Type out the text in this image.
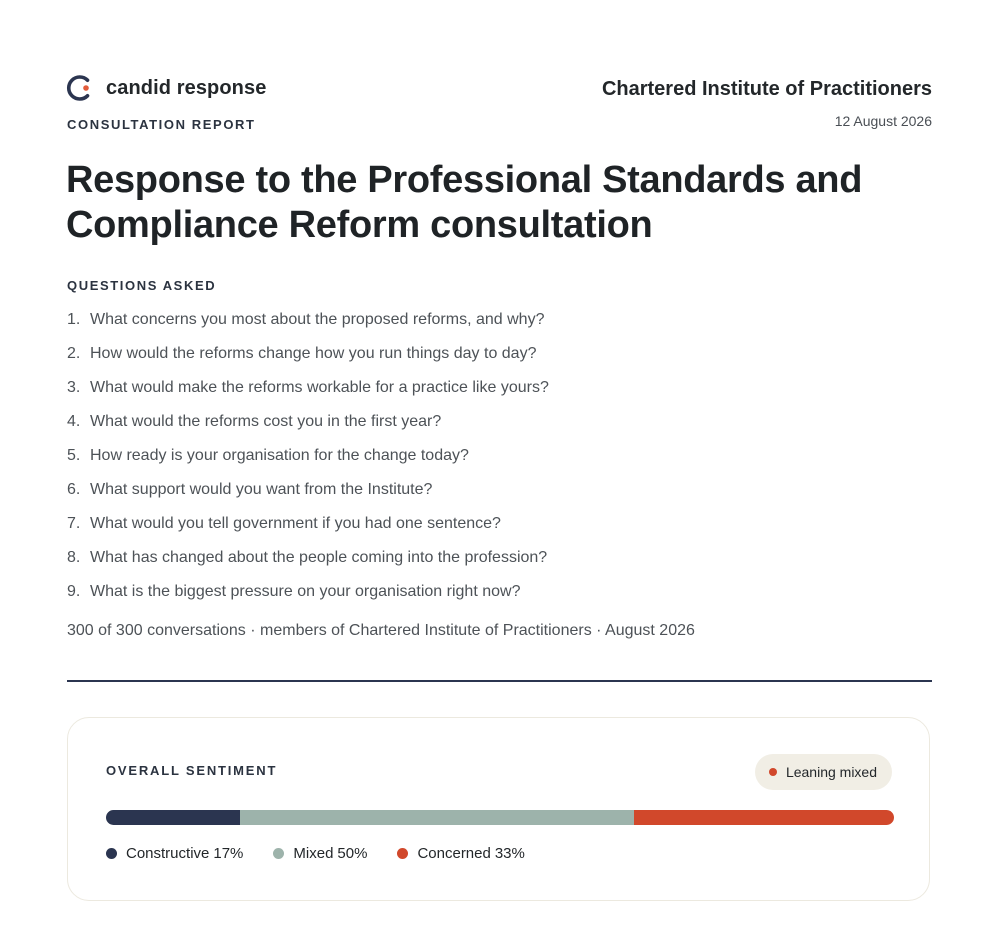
candid response
CONSULTATION REPORT
Chartered Institute of Practitioners
12 August 2026
Response to the Professional Standards and Compliance Reform consultation
QUESTIONS ASKED
1. What concerns you most about the proposed reforms, and why?
2. How would the reforms change how you run things day to day?
3. What would make the reforms workable for a practice like yours?
4. What would the reforms cost you in the first year?
5. How ready is your organisation for the change today?
6. What support would you want from the Institute?
7. What would you tell government if you had one sentence?
8. What has changed about the people coming into the profession?
9. What is the biggest pressure on your organisation right now?
300 of 300 conversations · members of Chartered Institute of Practitioners · August 2026
OVERALL SENTIMENT	Leaning mixed
Constructive 17%	Mixed 50%	Concerned 33%
